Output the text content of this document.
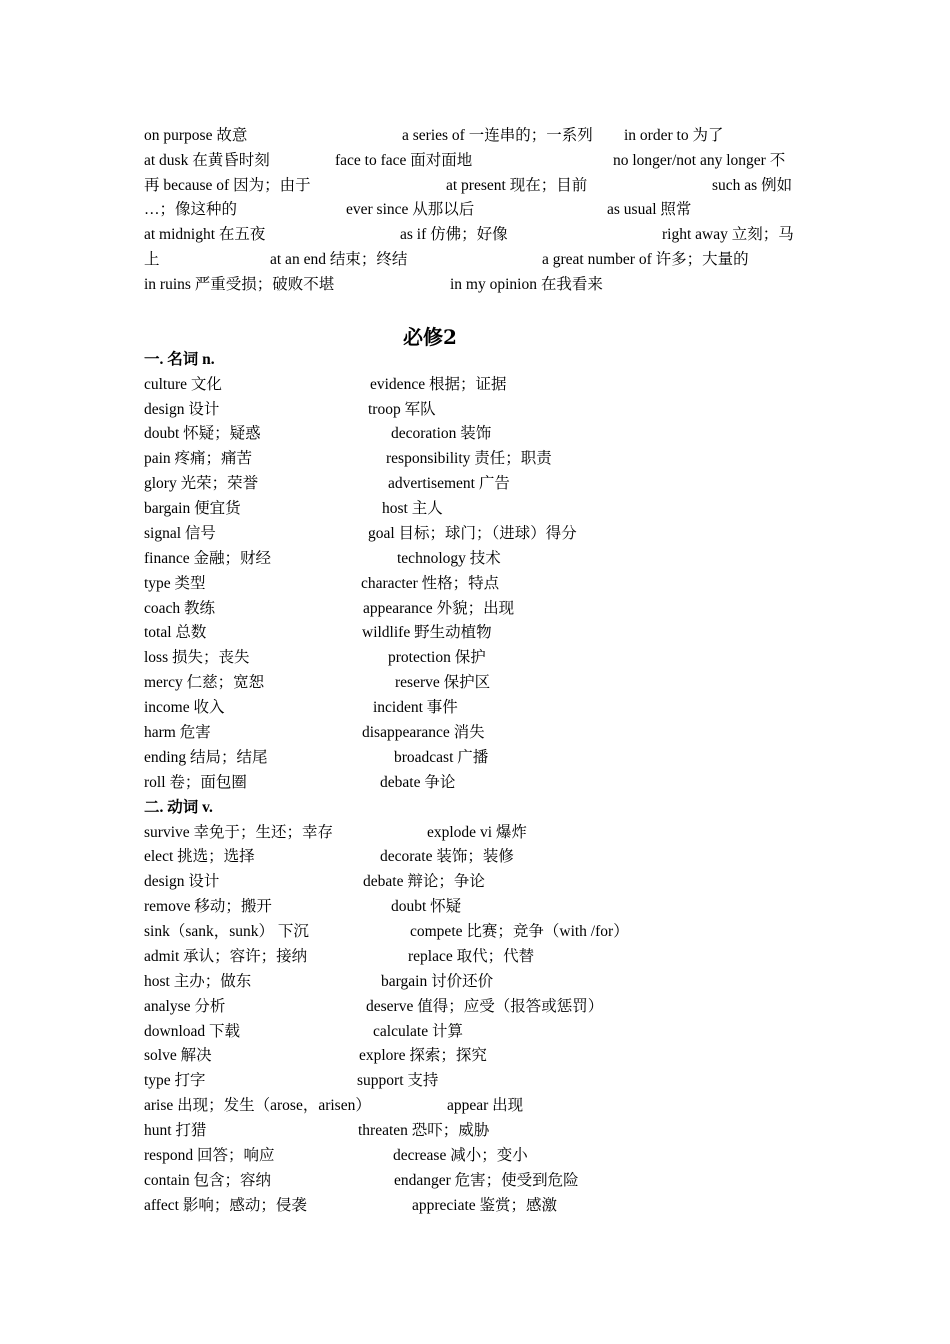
on purpose 故意	a series of 一连串的；一系列 in order to 为了
at dusk 在黄昏时刻	face to face 面对面地	no longer/not any longer 不
再 because of 因为；由于	at present 现在；目前	such as 例如
…；像这种的	ever since 从那以后	as usual 照常
at midnight 在五夜	as if 仿佛；好像	right away 立刻；马
上	at an end 结束；终结	a great number of 许多；大量的
in ruins 严重受损；破败不堪	in my opinion 在我看来
必修2
一. 名词 n.
culture 文化	evidence 根据；证据
design 设计	troop 军队
doubt 怀疑；疑惑	decoration 装饰
pain 疼痛；痛苦	responsibility 责任；职责
glory 光荣；荣誉	advertisement 广告
bargain 便宜货	host 主人
signal 信号	goal 目标；球门；（进球）得分
finance 金融；财经	technology 技术
type 类型	character 性格；特点
coach 教练	appearance 外貌；出现
total 总数	wildlife 野生动植物
loss 损失；丧失	protection 保护
mercy 仁慈；宽恕	reserve 保护区
income 收入	incident 事件
harm 危害	disappearance 消失
ending 结局；结尾	broadcast 广播
roll 卷；面包圈	debate 争论
二. 动词 v.
survive 幸免于；生还；幸存	explode vi 爆炸
elect 挑选；选择	decorate 装饰；装修
design 设计	debate 辩论；争论
remove 移动；搬开	doubt 怀疑
sink（sank，sunk） 下沉	compete 比赛；竞争（with /for）
admit 承认；容许；接纳	replace 取代；代替
host 主办；做东	bargain 讨价还价
analyse 分析	deserve 值得；应受（报答或惩罚）
download 下载	calculate 计算
solve 解决	explore 探索；探究
type 打字	support 支持
arise 出现；发生（arose，arisen）	appear 出现
hunt 打猎	threaten 恐吓；威胁
respond 回答；响应	decrease 减小；变小
contain 包含；容纳	endanger 危害；使受到危险
affect 影响；感动；侵袭	appreciate 鉴赏；感激
